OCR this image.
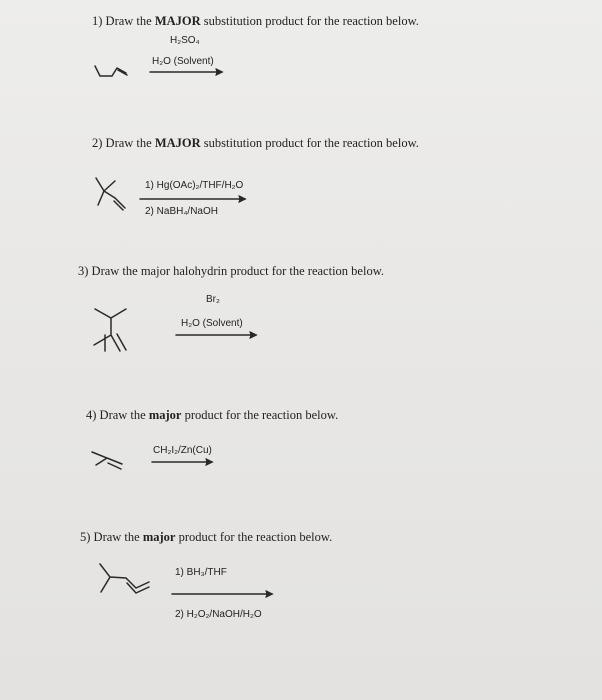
1) Draw the MAJOR substitution product for the reaction below.
H₂SO₄
H₂O (Solvent)
2) Draw the MAJOR substitution product for the reaction below.
1) Hg(OAc)₂/THF/H₂O
2) NaBH₄/NaOH
3) Draw the major halohydrin product for the reaction below.
Br₂
H₂O (Solvent)
4) Draw the major product for the reaction below.
CH₂I₂/Zn(Cu)
5) Draw the major product for the reaction below.
1) BH₃/THF
2) H₂O₂/NaOH/H₂O
